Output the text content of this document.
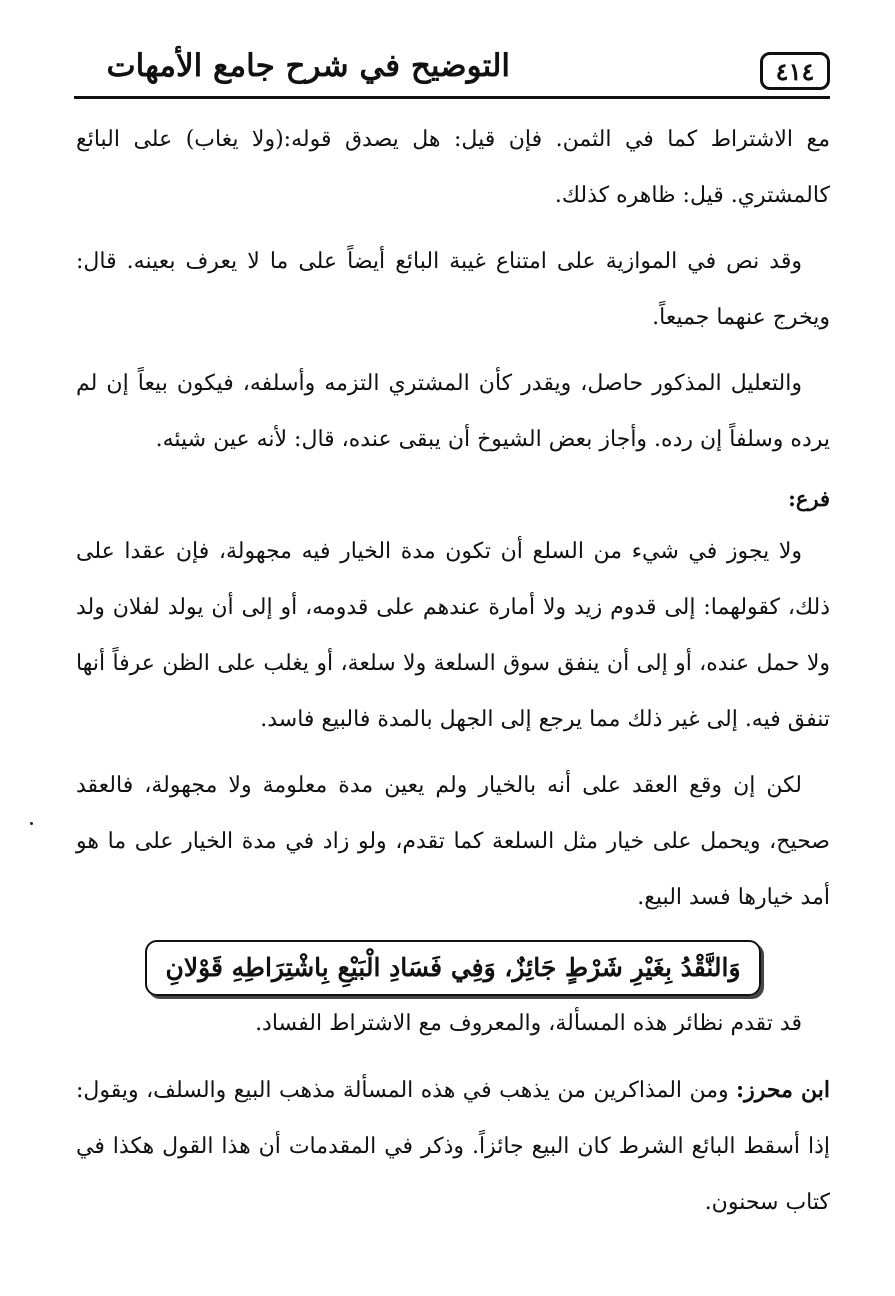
التوضيح في شرح جامع الأمهات	٤١٤

مع الاشتراط كما في الثمن. فإن قيل: هل يصدق قوله:(ولا يغاب) على البائع كالمشتري. قيل: ظاهره كذلك.

وقد نص في الموازية على امتناع غيبة البائع أيضاً على ما لا يعرف بعينه. قال: ويخرج عنهما جميعاً.

والتعليل المذكور حاصل، ويقدر كأن المشتري التزمه وأسلفه، فيكون بيعاً إن لم يرده وسلفاً إن رده. وأجاز بعض الشيوخ أن يبقى عنده، قال: لأنه عين شيئه.

فرع:

ولا يجوز في شيء من السلع أن تكون مدة الخيار فيه مجهولة، فإن عقدا على ذلك، كقولهما: إلى قدوم زيد ولا أمارة عندهم على قدومه، أو إلى أن يولد لفلان ولد ولا حمل عنده، أو إلى أن ينفق سوق السلعة ولا سلعة، أو يغلب على الظن عرفاً أنها تنفق فيه. إلى غير ذلك مما يرجع إلى الجهل بالمدة فالبيع فاسد.

لكن إن وقع العقد على أنه بالخيار ولم يعين مدة معلومة ولا مجهولة، فالعقد صحيح، ويحمل على خيار مثل السلعة كما تقدم، ولو زاد في مدة الخيار على ما هو أمد خيارها فسد البيع.

وَالنَّقْدُ بِغَيْرِ شَرْطٍ جَائِزٌ، وَفِي فَسَادِ الْبَيْعِ بِاشْتِرَاطِهِ قَوْلانِ

قد تقدم نظائر هذه المسألة، والمعروف مع الاشتراط الفساد.

ابن محرز: ومن المذاكرين من يذهب في هذه المسألة مذهب البيع والسلف، ويقول: إذا أسقط البائع الشرط كان البيع جائزاً. وذكر في المقدمات أن هذا القول هكذا في كتاب سحنون.
